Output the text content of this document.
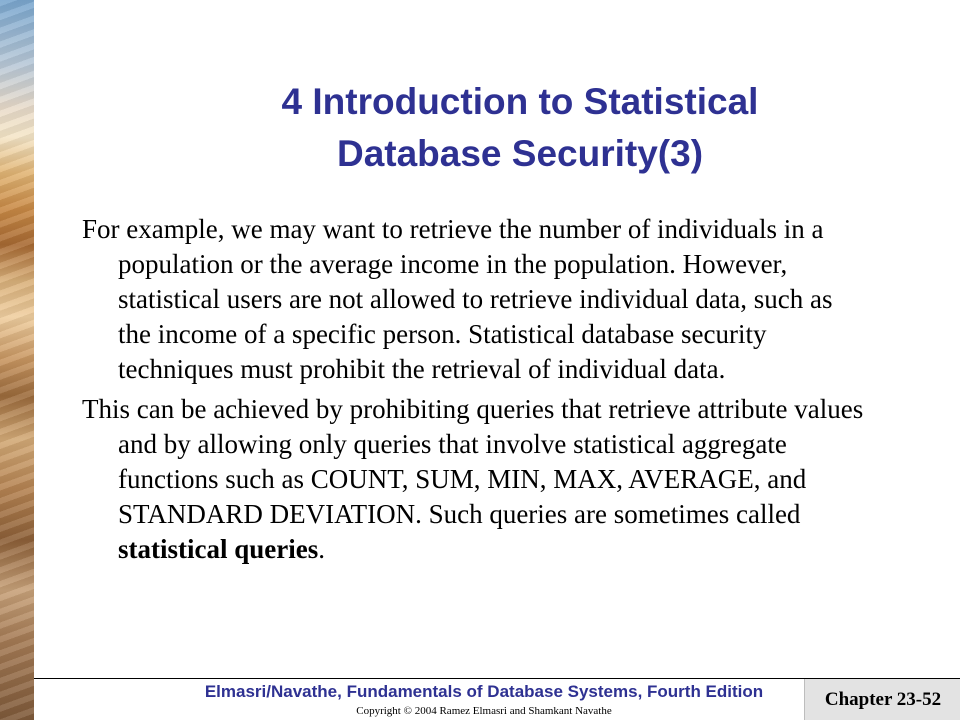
4 Introduction to Statistical
Database Security(3)

For example, we may want to retrieve the number of individuals in a population or the average income in the population. However, statistical users are not allowed to retrieve individual data, such as the income of a specific person. Statistical database security techniques must prohibit the retrieval of individual data.

This can be achieved by prohibiting queries that retrieve attribute values and by allowing only queries that involve statistical aggregate functions such as COUNT, SUM, MIN, MAX, AVERAGE, and STANDARD DEVIATION. Such queries are sometimes called statistical queries.

Elmasri/Navathe, Fundamentals of Database Systems, Fourth Edition
Copyright © 2004 Ramez Elmasri and Shamkant Navathe
Chapter 23-52
